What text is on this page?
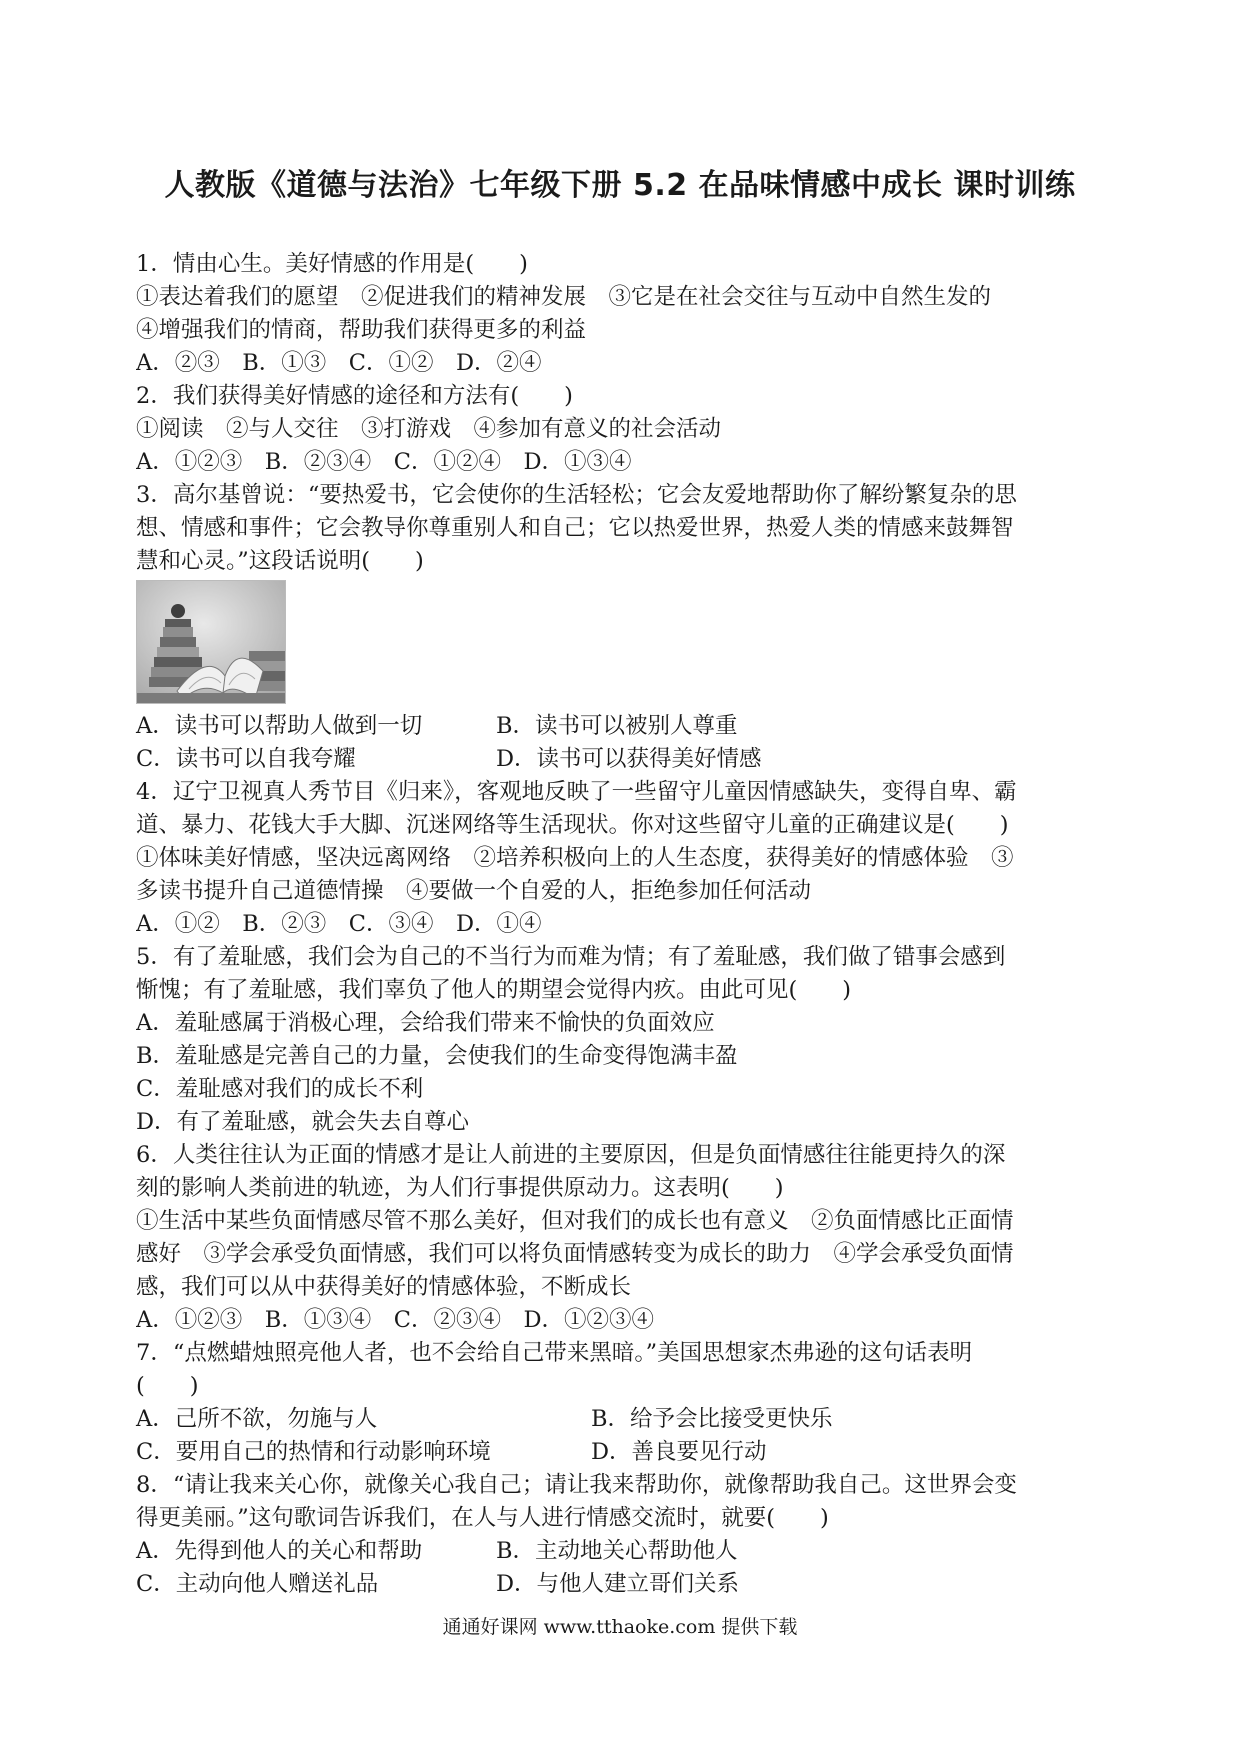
人教版《道德与法治》七年级下册 5.2 在品味情感中成长 课时训练
1．情由心生。美好情感的作用是(　　)
①表达着我们的愿望　②促进我们的精神发展　③它是在社会交往与互动中自然生发的
④增强我们的情商，帮助我们获得更多的利益
A．②③　B．①③　C．①②　D．②④
2．我们获得美好情感的途径和方法有(　　)
①阅读　②与人交往　③打游戏　④参加有意义的社会活动
A．①②③　B．②③④　C．①②④　D．①③④
3．高尔基曾说：“要热爱书，它会使你的生活轻松；它会友爱地帮助你了解纷繁复杂的思
想、情感和事件；它会教导你尊重别人和自己；它以热爱世界，热爱人类的情感来鼓舞智
慧和心灵。”这段话说明(　　)
A．读书可以帮助人做到一切	B．读书可以被别人尊重
C．读书可以自我夸耀	D．读书可以获得美好情感
4．辽宁卫视真人秀节目《归来》，客观地反映了一些留守儿童因情感缺失，变得自卑、霸
道、暴力、花钱大手大脚、沉迷网络等生活现状。你对这些留守儿童的正确建议是(　　)
①体味美好情感，坚决远离网络　②培养积极向上的人生态度，获得美好的情感体验　③
多读书提升自己道德情操　④要做一个自爱的人，拒绝参加任何活动
A．①②　B．②③　C．③④　D．①④
5．有了羞耻感，我们会为自己的不当行为而难为情；有了羞耻感，我们做了错事会感到
惭愧；有了羞耻感，我们辜负了他人的期望会觉得内疚。由此可见(　　)
A．羞耻感属于消极心理，会给我们带来不愉快的负面效应
B．羞耻感是完善自己的力量，会使我们的生命变得饱满丰盈
C．羞耻感对我们的成长不利
D．有了羞耻感，就会失去自尊心
6．人类往往认为正面的情感才是让人前进的主要原因，但是负面情感往往能更持久的深
刻的影响人类前进的轨迹，为人们行事提供原动力。这表明(　　)
①生活中某些负面情感尽管不那么美好，但对我们的成长也有意义　②负面情感比正面情
感好　③学会承受负面情感，我们可以将负面情感转变为成长的助力　④学会承受负面情
感，我们可以从中获得美好的情感体验，不断成长
A．①②③　B．①③④　C．②③④　D．①②③④
7．“点燃蜡烛照亮他人者，也不会给自己带来黑暗。”美国思想家杰弗逊的这句话表明
(　　)
A．己所不欲，勿施与人	B．给予会比接受更快乐
C．要用自己的热情和行动影响环境	D．善良要见行动
8．“请让我来关心你，就像关心我自己；请让我来帮助你，就像帮助我自己。这世界会变
得更美丽。”这句歌词告诉我们，在人与人进行情感交流时，就要(　　)
A．先得到他人的关心和帮助	B．主动地关心帮助他人
C．主动向他人赠送礼品	D．与他人建立哥们关系
通通好课网 www.tthaoke.com 提供下载
